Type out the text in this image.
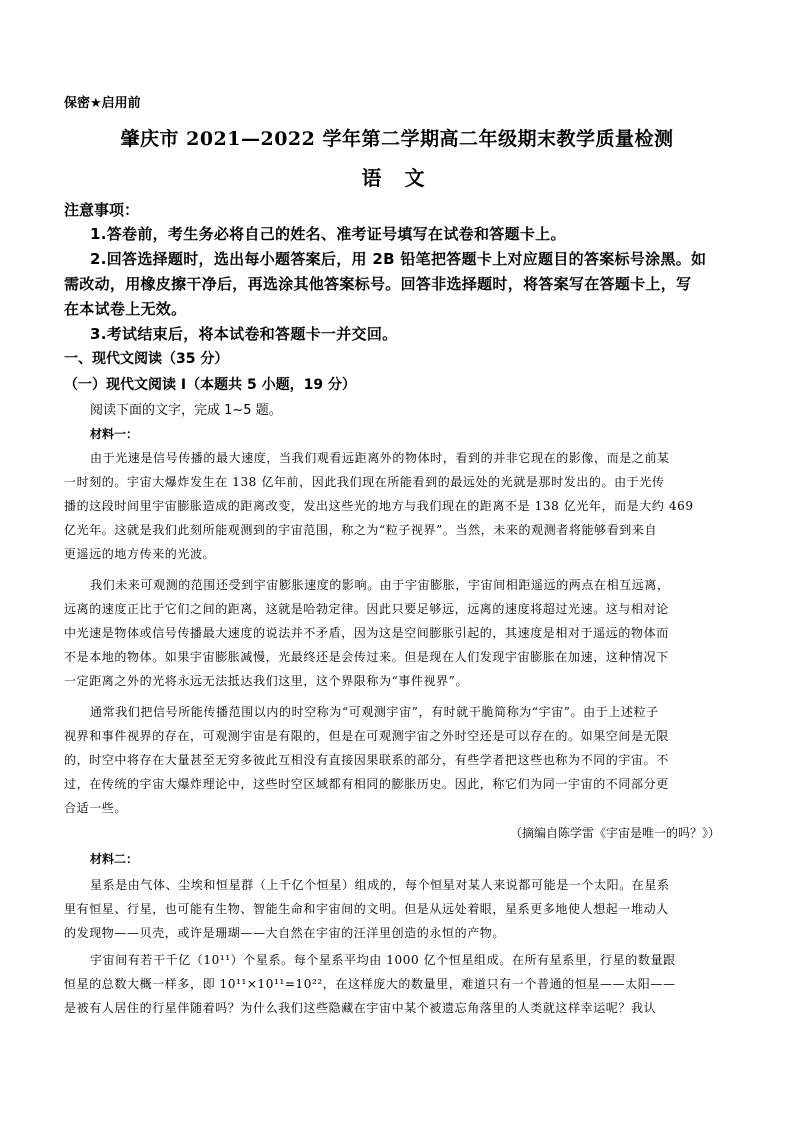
保密★启用前
肇庆市 2021—2022 学年第二学期高二年级期末教学质量检测
语 文
注意事项：
1.答卷前，考生务必将自己的姓名、准考证号填写在试卷和答题卡上。
2.回答选择题时，选出每小题答案后，用 2B 铅笔把答题卡上对应题目的答案标号涂黑。如
需改动，用橡皮擦干净后，再选涂其他答案标号。回答非选择题时，将答案写在答题卡上，写
在本试卷上无效。
3.考试结束后，将本试卷和答题卡一并交回。
一、现代文阅读（35 分）
（一）现代文阅读 I（本题共 5 小题，19 分）
阅读下面的文字，完成 1~5 题。
材料一：
由于光速是信号传播的最大速度，当我们观看远距离外的物体时，看到的并非它现在的影像，而是之前某
一时刻的。宇宙大爆炸发生在 138 亿年前，因此我们现在所能看到的最远处的光就是那时发出的。由于光传
播的这段时间里宇宙膨胀造成的距离改变，发出这些光的地方与我们现在的距离不是 138 亿光年，而是大约 469
亿光年。这就是我们此刻所能观测到的宇宙范围，称之为“粒子视界”。当然，未来的观测者将能够看到来自
更遥远的地方传来的光波。
我们未来可观测的范围还受到宇宙膨胀速度的影响。由于宇宙膨胀，宇宙间相距遥远的两点在相互远离，
远离的速度正比于它们之间的距离，这就是哈勃定律。因此只要足够远，远离的速度将超过光速。这与相对论
中光速是物体或信号传播最大速度的说法并不矛盾，因为这是空间膨胀引起的，其速度是相对于遥远的物体而
不是本地的物体。如果宇宙膨胀减慢，光最终还是会传过来。但是现在人们发现宇宙膨胀在加速，这种情况下
一定距离之外的光将永远无法抵达我们这里，这个界限称为“事件视界”。
通常我们把信号所能传播范围以内的时空称为“可观测宇宙”，有时就干脆简称为“宇宙”。由于上述粒子
视界和事件视界的存在，可观测宇宙是有限的，但是在可观测宇宙之外时空还是可以存在的。如果空间是无限
的，时空中将存在大量甚至无穷多彼此互相没有直接因果联系的部分，有些学者把这些也称为不同的宇宙。不
过，在传统的宇宙大爆炸理论中，这些时空区域都有相同的膨胀历史。因此，称它们为同一宇宙的不同部分更
合适一些。
（摘编自陈学雷《宇宙是唯一的吗？》）
材料二：
星系是由气体、尘埃和恒星群（上千亿个恒星）组成的，每个恒星对某人来说都可能是一个太阳。在星系
里有恒星、行星，也可能有生物、智能生命和宇宙间的文明。但是从远处着眼，星系更多地使人想起一堆动人
的发现物——贝壳，或许是珊瑚——大自然在宇宙的汪洋里创造的永恒的产物。
宇宙间有若干千亿（10¹¹）个星系。每个星系平均由 1000 亿个恒星组成。在所有星系里，行星的数量跟
恒星的总数大概一样多，即 10¹¹×10¹¹=10²²，在这样庞大的数量里，难道只有一个普通的恒星——太阳——
是被有人居住的行星伴随着吗？为什么我们这些隐藏在宇宙中某个被遗忘角落里的人类就这样幸运呢？我认
